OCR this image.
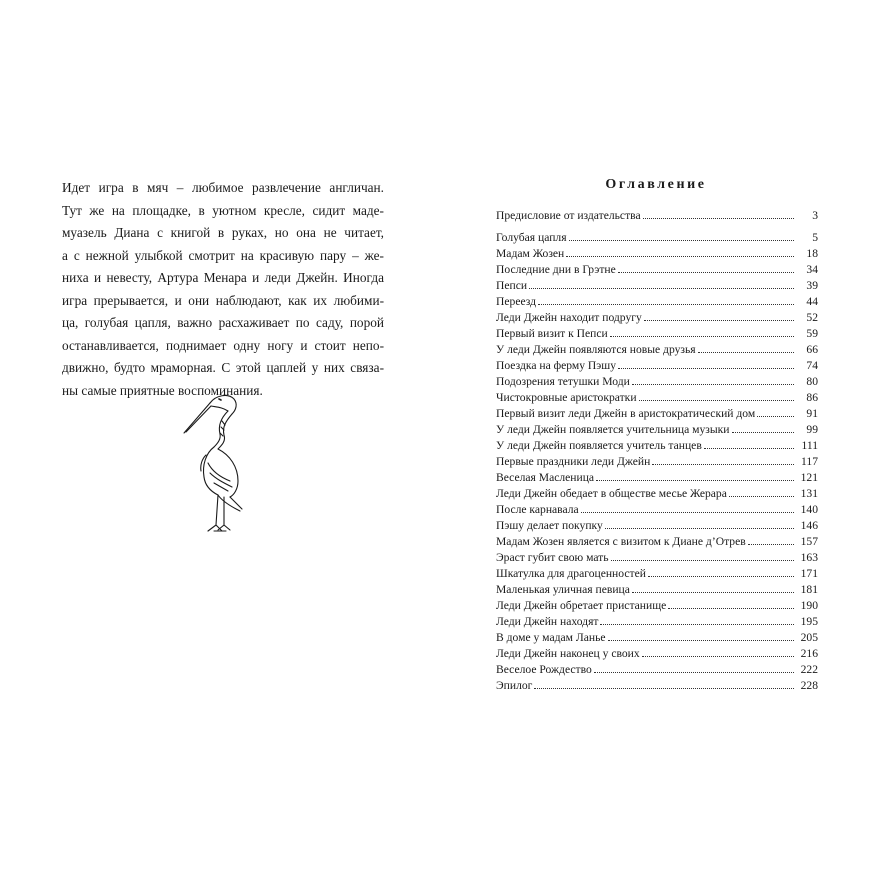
Идет игра в мяч – любимое развлечение англичан.
Тут же на площадке, в уютном кресле, сидит маде-
муазель Диана с книгой в руках, но она не читает,
а с нежной улыбкой смотрит на красивую пару – же-
ниха и невесту, Артура Менара и леди Джейн. Иногда
игра прерывается, и они наблюдают, как их любими-
ца, голубая цапля, важно расхаживает по саду, порой
останавливается, поднимает одну ногу и стоит непо-
движно, будто мраморная. С этой цаплей у них связа-
ны самые приятные воспоминания.
Оглавление
Предисловие от издательства	3
Голубая цапля	5
Мадам Жозен	18
Последние дни в Грэтне	34
Пепси	39
Переезд	44
Леди Джейн находит подругу	52
Первый визит к Пепси	59
У леди Джейн появляются новые друзья	66
Поездка на ферму Пэшу	74
Подозрения тетушки Моди	80
Чистокровные аристократки	86
Первый визит леди Джейн в аристократический дом	91
У леди Джейн появляется учительница музыки	99
У леди Джейн появляется учитель танцев	111
Первые праздники леди Джейн	117
Веселая Масленица	121
Леди Джейн обедает в обществе месье Жерара	131
После карнавала	140
Пэшу делает покупку	146
Мадам Жозен является с визитом к Диане д’Отрев	157
Эраст губит свою мать	163
Шкатулка для драгоценностей	171
Маленькая уличная певица	181
Леди Джейн обретает пристанище	190
Леди Джейн находят	195
В доме у мадам Ланье	205
Леди Джейн наконец у своих	216
Веселое Рождество	222
Эпилог	228
